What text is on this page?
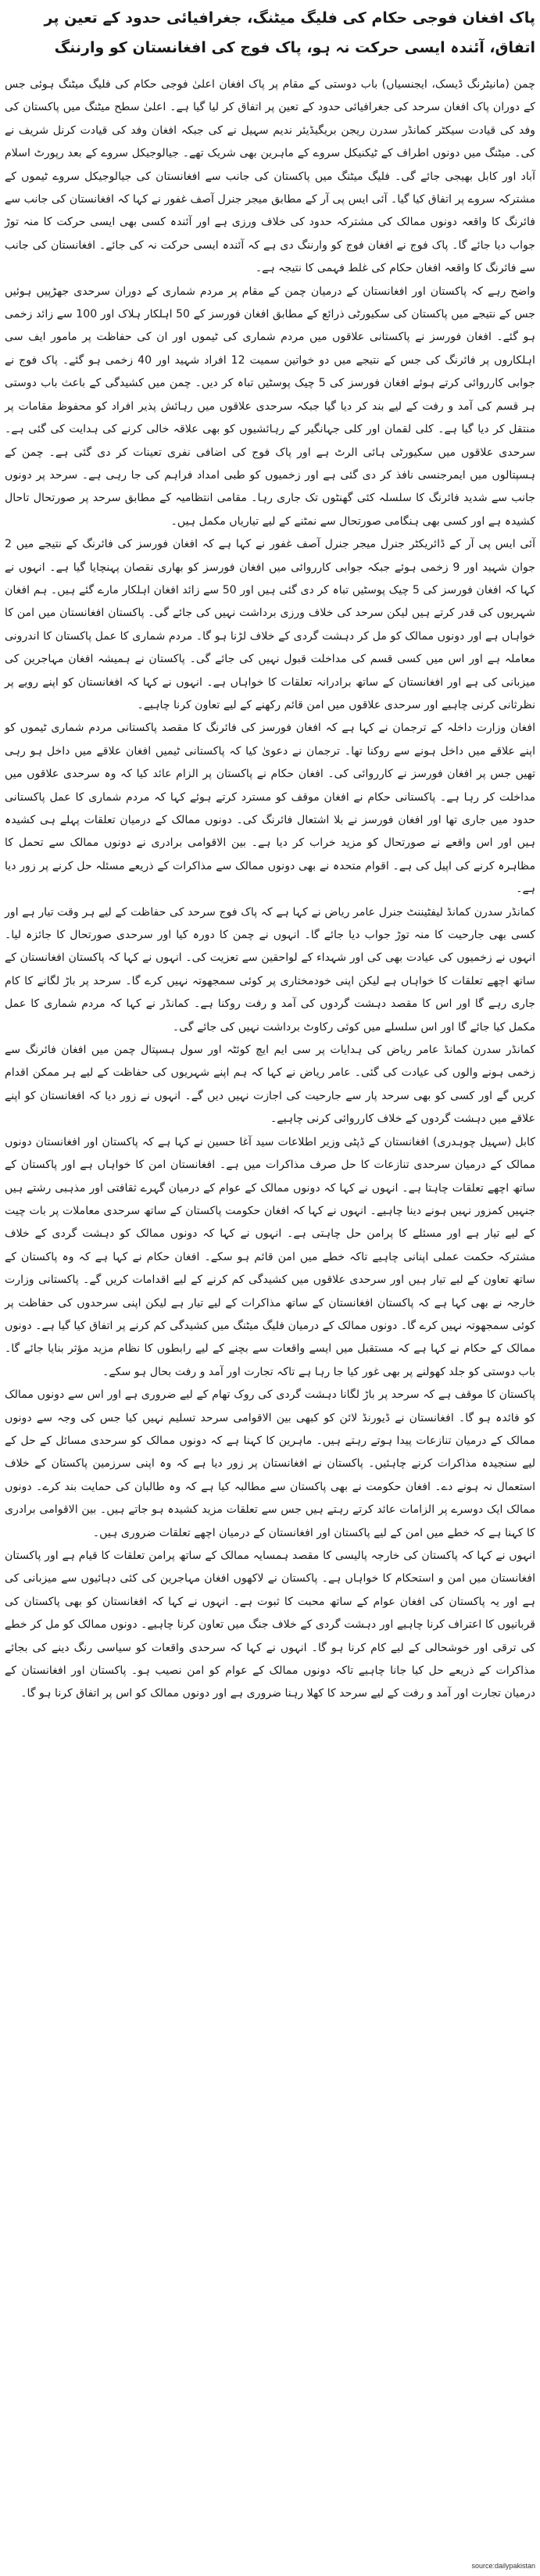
پاک افغان فوجی حکام کی فلیگ میٹنگ، جغرافیائی حدود کے تعین پر اتفاق، آئندہ ایسی حرکت نہ ہو، پاک فوج کی افغانستان کو وارننگ

چمن (مانیٹرنگ ڈیسک، ایجنسیاں) باب دوستی کے مقام پر پاک افغان اعلیٰ فوجی حکام کی فلیگ میٹنگ ہوئی جس کے دوران پاک افغان سرحد کی جغرافیائی حدود کے تعین پر اتفاق کر لیا گیا ہے۔ اعلیٰ سطح میٹنگ میں پاکستان کی وفد کی قیادت سیکٹر کمانڈر سدرن ریجن بریگیڈیئر ندیم سہیل نے کی جبکہ افغان وفد کی قیادت کرنل شریف نے کی۔ میٹنگ میں دونوں اطراف کے ٹیکنیکل سروے کے ماہرین بھی شریک تھے۔ جیالوجیکل سروے کے بعد رپورٹ اسلام آباد اور کابل بھیجی جائے گی۔ فلیگ میٹنگ میں پاکستان کی جانب سے افغانستان کی جیالوجیکل سروے ٹیموں کے مشترکہ سروے پر اتفاق کیا گیا۔ آئی ایس پی آر کے مطابق میجر جنرل آصف غفور نے کہا کہ افغانستان کی جانب سے فائرنگ کا واقعہ دونوں ممالک کی مشترکہ حدود کی خلاف ورزی ہے اور آئندہ کسی بھی ایسی حرکت کا منہ توڑ جواب دیا جائے گا۔ پاک فوج نے افغان فوج کو وارننگ دی ہے کہ آئندہ ایسی حرکت نہ کی جائے۔ افغانستان کی جانب سے فائرنگ کا واقعہ افغان حکام کی غلط فہمی کا نتیجہ ہے۔

واضح رہے کہ پاکستان اور افغانستان کے درمیان چمن کے مقام پر مردم شماری کے دوران سرحدی جھڑپیں ہوئیں جس کے نتیجے میں پاکستان کی سکیورٹی ذرائع کے مطابق افغان فورسز کے 50 اہلکار ہلاک اور 100 سے زائد زخمی ہو گئے۔ افغان فورسز نے پاکستانی علاقوں میں مردم شماری کی ٹیموں اور ان کی حفاظت پر مامور ایف سی اہلکاروں پر فائرنگ کی جس کے نتیجے میں دو خواتین سمیت 12 افراد شہید اور 40 زخمی ہو گئے۔ پاک فوج نے جوابی کارروائی کرتے ہوئے افغان فورسز کی 5 چیک پوسٹیں تباہ کر دیں۔ چمن میں کشیدگی کے باعث باب دوستی ہر قسم کی آمد و رفت کے لیے بند کر دیا گیا جبکہ سرحدی علاقوں میں رہائش پذیر افراد کو محفوظ مقامات پر منتقل کر دیا گیا ہے۔ کلی لقمان اور کلی جہانگیر کے رہائشیوں کو بھی علاقہ خالی کرنے کی ہدایت کی گئی ہے۔ سرحدی علاقوں میں سکیورٹی ہائی الرٹ ہے اور پاک فوج کی اضافی نفری تعینات کر دی گئی ہے۔ چمن کے ہسپتالوں میں ایمرجنسی نافذ کر دی گئی ہے اور زخمیوں کو طبی امداد فراہم کی جا رہی ہے۔ سرحد پر دونوں جانب سے شدید فائرنگ کا سلسلہ کئی گھنٹوں تک جاری رہا۔ مقامی انتظامیہ کے مطابق سرحد پر صورتحال تاحال کشیدہ ہے اور کسی بھی ہنگامی صورتحال سے نمٹنے کے لیے تیاریاں مکمل ہیں۔

آئی ایس پی آر کے ڈائریکٹر جنرل میجر جنرل آصف غفور نے کہا ہے کہ افغان فورسز کی فائرنگ کے نتیجے میں 2 جوان شہید اور 9 زخمی ہوئے جبکہ جوابی کارروائی میں افغان فورسز کو بھاری نقصان پہنچایا گیا ہے۔ انہوں نے کہا کہ افغان فورسز کی 5 چیک پوسٹیں تباہ کر دی گئی ہیں اور 50 سے زائد افغان اہلکار مارے گئے ہیں۔ ہم افغان شہریوں کی قدر کرتے ہیں لیکن سرحد کی خلاف ورزی برداشت نہیں کی جائے گی۔ پاکستان افغانستان میں امن کا خواہاں ہے اور دونوں ممالک کو مل کر دہشت گردی کے خلاف لڑنا ہو گا۔ مردم شماری کا عمل پاکستان کا اندرونی معاملہ ہے اور اس میں کسی قسم کی مداخلت قبول نہیں کی جائے گی۔ پاکستان نے ہمیشہ افغان مہاجرین کی میزبانی کی ہے اور افغانستان کے ساتھ برادرانہ تعلقات کا خواہاں ہے۔ انہوں نے کہا کہ افغانستان کو اپنے رویے پر نظرثانی کرنی چاہیے اور سرحدی علاقوں میں امن قائم رکھنے کے لیے تعاون کرنا چاہیے۔

افغان وزارت داخلہ کے ترجمان نے کہا ہے کہ افغان فورسز کی فائرنگ کا مقصد پاکستانی مردم شماری ٹیموں کو اپنے علاقے میں داخل ہونے سے روکنا تھا۔ ترجمان نے دعویٰ کیا کہ پاکستانی ٹیمیں افغان علاقے میں داخل ہو رہی تھیں جس پر افغان فورسز نے کارروائی کی۔ افغان حکام نے پاکستان پر الزام عائد کیا کہ وہ سرحدی علاقوں میں مداخلت کر رہا ہے۔ پاکستانی حکام نے افغان موقف کو مسترد کرتے ہوئے کہا کہ مردم شماری کا عمل پاکستانی حدود میں جاری تھا اور افغان فورسز نے بلا اشتعال فائرنگ کی۔ دونوں ممالک کے درمیان تعلقات پہلے ہی کشیدہ ہیں اور اس واقعے نے صورتحال کو مزید خراب کر دیا ہے۔ بین الاقوامی برادری نے دونوں ممالک سے تحمل کا مظاہرہ کرنے کی اپیل کی ہے۔ اقوام متحدہ نے بھی دونوں ممالک سے مذاکرات کے ذریعے مسئلہ حل کرنے پر زور دیا ہے۔

کمانڈر سدرن کمانڈ لیفٹیننٹ جنرل عامر ریاض نے کہا ہے کہ پاک فوج سرحد کی حفاظت کے لیے ہر وقت تیار ہے اور کسی بھی جارحیت کا منہ توڑ جواب دیا جائے گا۔ انہوں نے چمن کا دورہ کیا اور سرحدی صورتحال کا جائزہ لیا۔ انہوں نے زخمیوں کی عیادت بھی کی اور شہداء کے لواحقین سے تعزیت کی۔ انہوں نے کہا کہ پاکستان افغانستان کے ساتھ اچھے تعلقات کا خواہاں ہے لیکن اپنی خودمختاری پر کوئی سمجھوتہ نہیں کرے گا۔ سرحد پر باڑ لگانے کا کام جاری رہے گا اور اس کا مقصد دہشت گردوں کی آمد و رفت روکنا ہے۔ کمانڈر نے کہا کہ مردم شماری کا عمل مکمل کیا جائے گا اور اس سلسلے میں کوئی رکاوٹ برداشت نہیں کی جائے گی۔

کمانڈر سدرن کمانڈ عامر ریاض کی ہدایات پر سی ایم ایچ کوئٹہ اور سول ہسپتال چمن میں افغان فائرنگ سے زخمی ہونے والوں کی عیادت کی گئی۔ عامر ریاض نے کہا کہ ہم اپنے شہریوں کی حفاظت کے لیے ہر ممکن اقدام کریں گے اور کسی کو بھی سرحد پار سے جارحیت کی اجازت نہیں دیں گے۔ انہوں نے زور دیا کہ افغانستان کو اپنے علاقے میں دہشت گردوں کے خلاف کارروائی کرنی چاہیے۔

کابل (سہیل چوہدری) افغانستان کے ڈپٹی وزیر اطلاعات سید آغا حسین نے کہا ہے کہ پاکستان اور افغانستان دونوں ممالک کے درمیان سرحدی تنازعات کا حل صرف مذاکرات میں ہے۔ افغانستان امن کا خواہاں ہے اور پاکستان کے ساتھ اچھے تعلقات چاہتا ہے۔ انہوں نے کہا کہ دونوں ممالک کے عوام کے درمیان گہرے ثقافتی اور مذہبی رشتے ہیں جنہیں کمزور نہیں ہونے دینا چاہیے۔ انہوں نے کہا کہ افغان حکومت پاکستان کے ساتھ سرحدی معاملات پر بات چیت کے لیے تیار ہے اور مسئلے کا پرامن حل چاہتی ہے۔ انہوں نے کہا کہ دونوں ممالک کو دہشت گردی کے خلاف مشترکہ حکمت عملی اپنانی چاہیے تاکہ خطے میں امن قائم ہو سکے۔ افغان حکام نے کہا ہے کہ وہ پاکستان کے ساتھ تعاون کے لیے تیار ہیں اور سرحدی علاقوں میں کشیدگی کم کرنے کے لیے اقدامات کریں گے۔ پاکستانی وزارت خارجہ نے بھی کہا ہے کہ پاکستان افغانستان کے ساتھ مذاکرات کے لیے تیار ہے لیکن اپنی سرحدوں کی حفاظت پر کوئی سمجھوتہ نہیں کرے گا۔ دونوں ممالک کے درمیان فلیگ میٹنگ میں کشیدگی کم کرنے پر اتفاق کیا گیا ہے۔ دونوں ممالک کے حکام نے کہا ہے کہ مستقبل میں ایسے واقعات سے بچنے کے لیے رابطوں کا نظام مزید مؤثر بنایا جائے گا۔ باب دوستی کو جلد کھولنے پر بھی غور کیا جا رہا ہے تاکہ تجارت اور آمد و رفت بحال ہو سکے۔

پاکستان کا موقف ہے کہ سرحد پر باڑ لگانا دہشت گردی کی روک تھام کے لیے ضروری ہے اور اس سے دونوں ممالک کو فائدہ ہو گا۔ افغانستان نے ڈیورنڈ لائن کو کبھی بین الاقوامی سرحد تسلیم نہیں کیا جس کی وجہ سے دونوں ممالک کے درمیان تنازعات پیدا ہوتے رہتے ہیں۔ ماہرین کا کہنا ہے کہ دونوں ممالک کو سرحدی مسائل کے حل کے لیے سنجیدہ مذاکرات کرنے چاہئیں۔ پاکستان نے افغانستان پر زور دیا ہے کہ وہ اپنی سرزمین پاکستان کے خلاف استعمال نہ ہونے دے۔ افغان حکومت نے بھی پاکستان سے مطالبہ کیا ہے کہ وہ طالبان کی حمایت بند کرے۔ دونوں ممالک ایک دوسرے پر الزامات عائد کرتے رہتے ہیں جس سے تعلقات مزید کشیدہ ہو جاتے ہیں۔ بین الاقوامی برادری کا کہنا ہے کہ خطے میں امن کے لیے پاکستان اور افغانستان کے درمیان اچھے تعلقات ضروری ہیں۔

انہوں نے کہا کہ پاکستان کی خارجہ پالیسی کا مقصد ہمسایہ ممالک کے ساتھ پرامن تعلقات کا قیام ہے اور پاکستان افغانستان میں امن و استحکام کا خواہاں ہے۔ پاکستان نے لاکھوں افغان مہاجرین کی کئی دہائیوں سے میزبانی کی ہے اور یہ پاکستان کی افغان عوام کے ساتھ محبت کا ثبوت ہے۔ انہوں نے کہا کہ افغانستان کو بھی پاکستان کی قربانیوں کا اعتراف کرنا چاہیے اور دہشت گردی کے خلاف جنگ میں تعاون کرنا چاہیے۔ دونوں ممالک کو مل کر خطے کی ترقی اور خوشحالی کے لیے کام کرنا ہو گا۔ انہوں نے کہا کہ سرحدی واقعات کو سیاسی رنگ دینے کی بجائے مذاکرات کے ذریعے حل کیا جانا چاہیے تاکہ دونوں ممالک کے عوام کو امن نصیب ہو۔ پاکستان اور افغانستان کے درمیان تجارت اور آمد و رفت کے لیے سرحد کا کھلا رہنا ضروری ہے اور دونوں ممالک کو اس پر اتفاق کرنا ہو گا۔

source:dailypakistan
